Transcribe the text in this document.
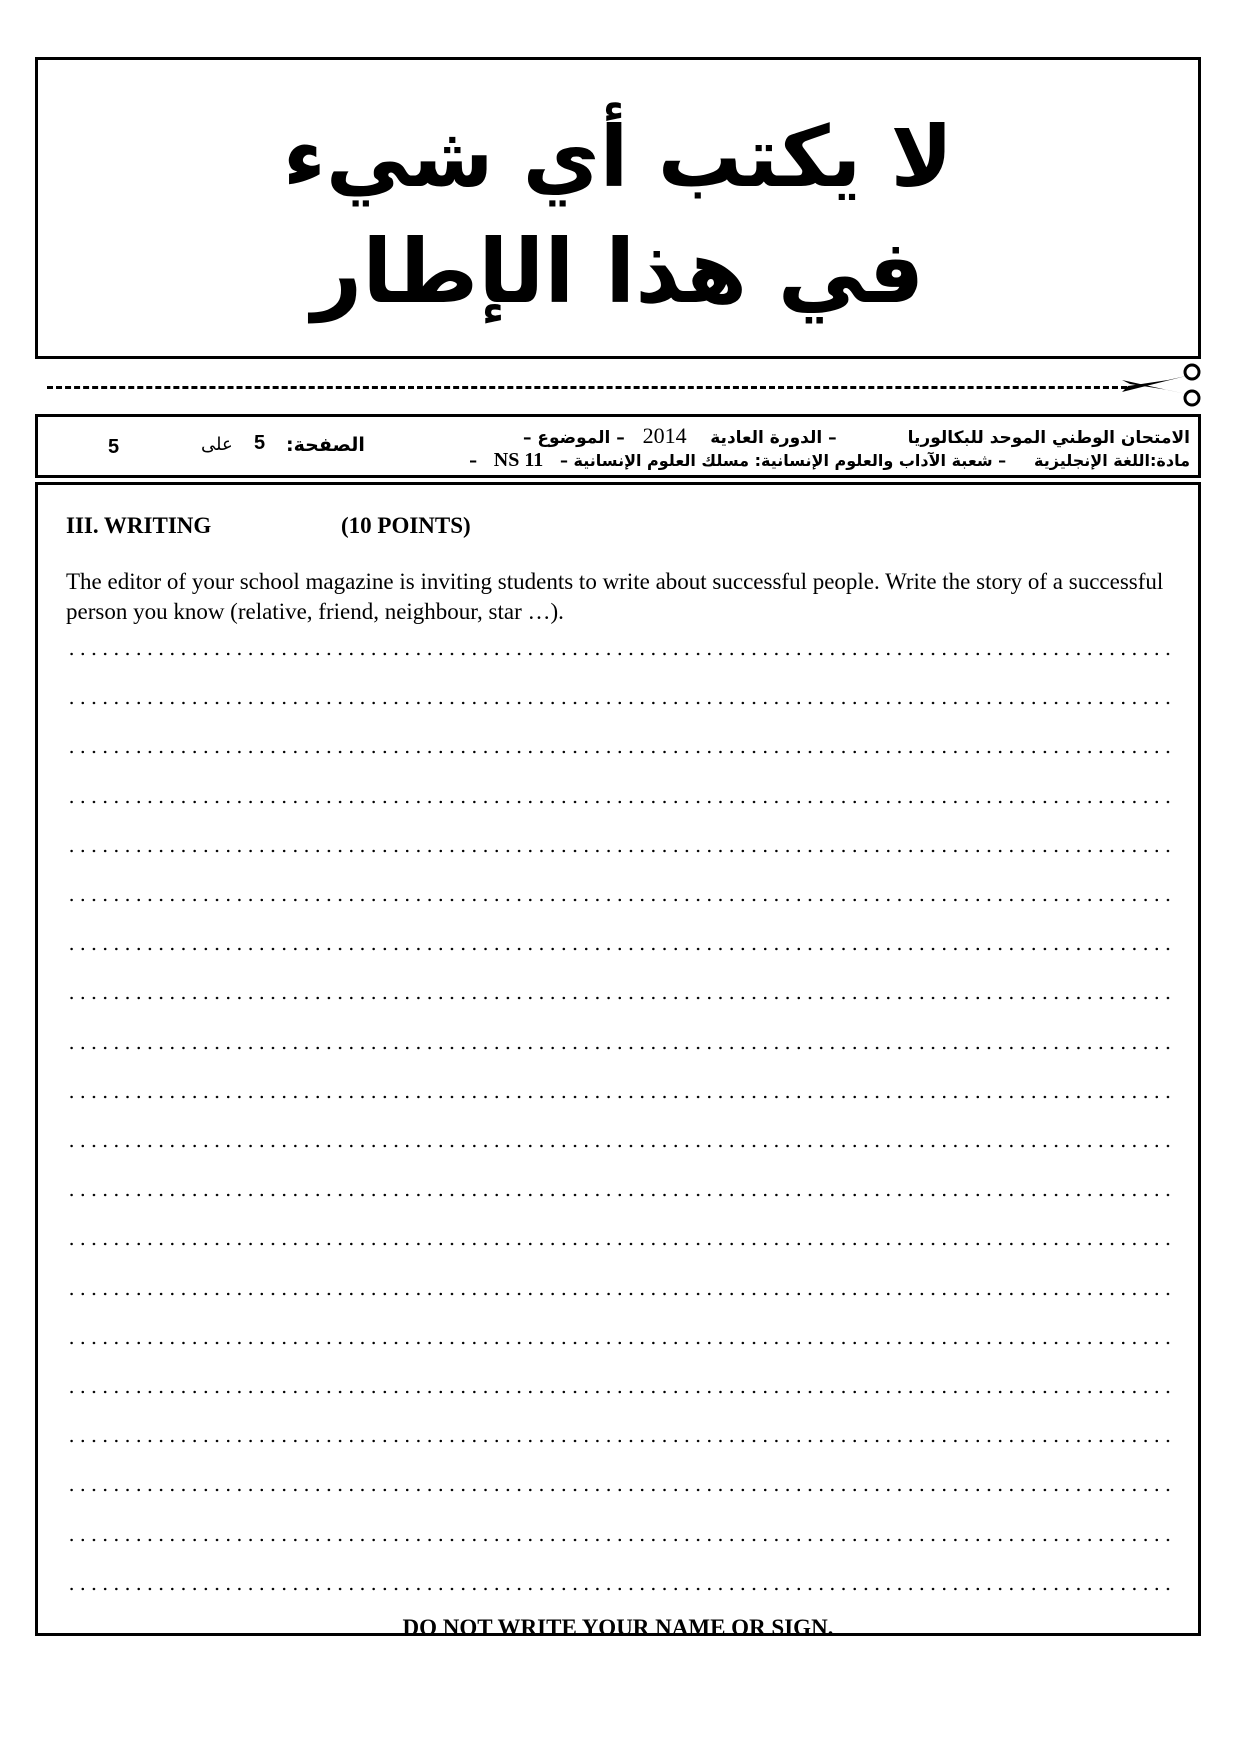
لا يكتب أي شيء
في هذا الإطار
الامتحان الوطني الموحد للبكالوريا            – الدورة العادية    2014   – الموضوع –
مادة:اللغة الإنجليزية     – شعبة الآداب والعلوم الإنسانية: مسلك العلوم الإنسانية –   NS 11   –
الصفحة:
5
على
5
III. WRITING	(10 POINTS)
The editor of your school magazine is inviting students to write about successful people. Write the story of a successful person you know (relative, friend, neighbour, star …).
DO NOT WRITE YOUR NAME OR SIGN.
